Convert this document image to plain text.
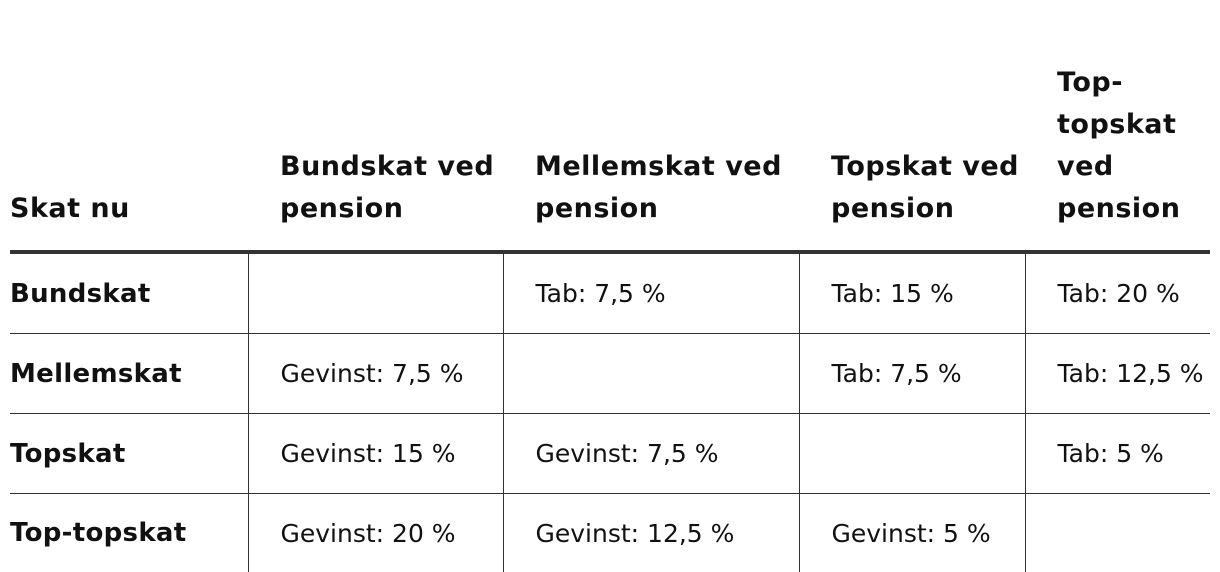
Skat nu	Bundskat ved pension	Mellemskat ved pension	Topskat ved pension	Top-topskat ved pension
Bundskat		Tab: 7,5 %	Tab: 15 %	Tab: 20 %
Mellemskat	Gevinst: 7,5 %		Tab: 7,5 %	Tab: 12,5 %
Topskat	Gevinst: 15 %	Gevinst: 7,5 %		Tab: 5 %
Top-topskat	Gevinst: 20 %	Gevinst: 12,5 %	Gevinst: 5 %	
